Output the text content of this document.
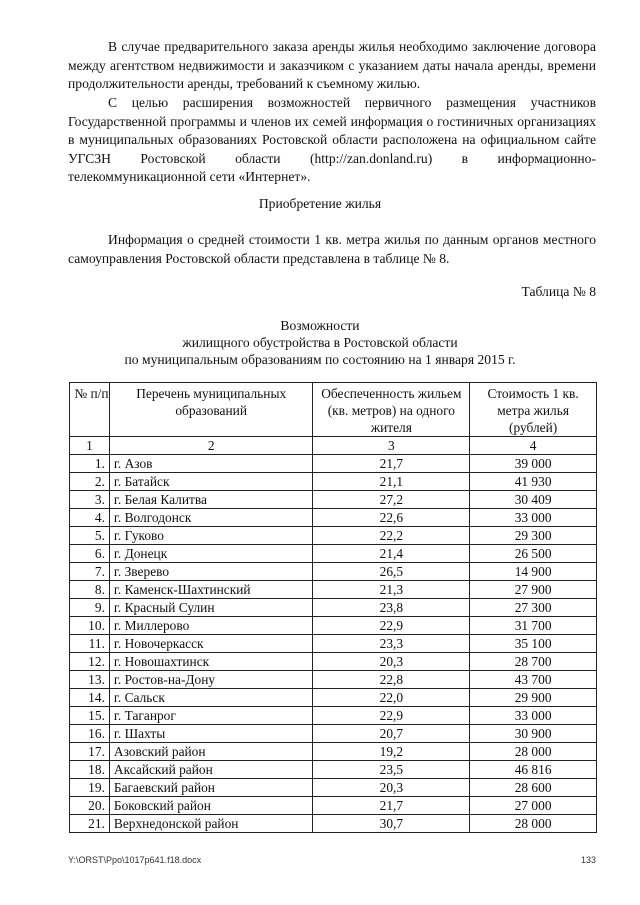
В случае предварительного заказа аренды жилья необходимо заключение договора между агентством недвижимости и заказчиком с указанием даты начала аренды, времени продолжительности аренды, требований к съемному жилью.

С целью расширения возможностей первичного размещения участников Государственной программы и членов их семей информация о гостиничных организациях в муниципальных образованиях Ростовской области расположена на официальном сайте УГСЗН Ростовской области (http://zan.donland.ru) в информационно-телекоммуникационной сети «Интернет».

Приобретение жилья

Информация о средней стоимости 1 кв. метра жилья по данным органов местного самоуправления Ростовской области представлена в таблице № 8.

Таблица № 8

Возможности

жилищного обустройства в Ростовской области

по муниципальным образованиям по состоянию на 1 января 2015 г.

№ п/п	Перечень муниципальных образований	Обеспеченность жильем (кв. метров) на одного жителя	Стоимость 1 кв. метра жилья (рублей)
1	2	3	4
1.	г. Азов	21,7	39 000
2.	г. Батайск	21,1	41 930
3.	г. Белая Калитва	27,2	30 409
4.	г. Волгодонск	22,6	33 000
5.	г. Гуково	22,2	29 300
6.	г. Донецк	21,4	26 500
7.	г. Зверево	26,5	14 900
8.	г. Каменск-Шахтинский	21,3	27 900
9.	г. Красный Сулин	23,8	27 300
10.	г. Миллерово	22,9	31 700
11.	г. Новочеркасск	23,3	35 100
12.	г. Новошахтинск	20,3	28 700
13.	г. Ростов-на-Дону	22,8	43 700
14.	г. Сальск	22,0	29 900
15.	г. Таганрог	22,9	33 000
16.	г. Шахты	20,7	30 900
17.	Азовский район	19,2	28 000
18.	Аксайский район	23,5	46 816
19.	Багаевский район	20,3	28 600
20.	Боковский район	21,7	27 000
21.	Верхнедонской район	30,7	28 000
Y:\ORST\Ppo\1017p641.f18.docx	133
